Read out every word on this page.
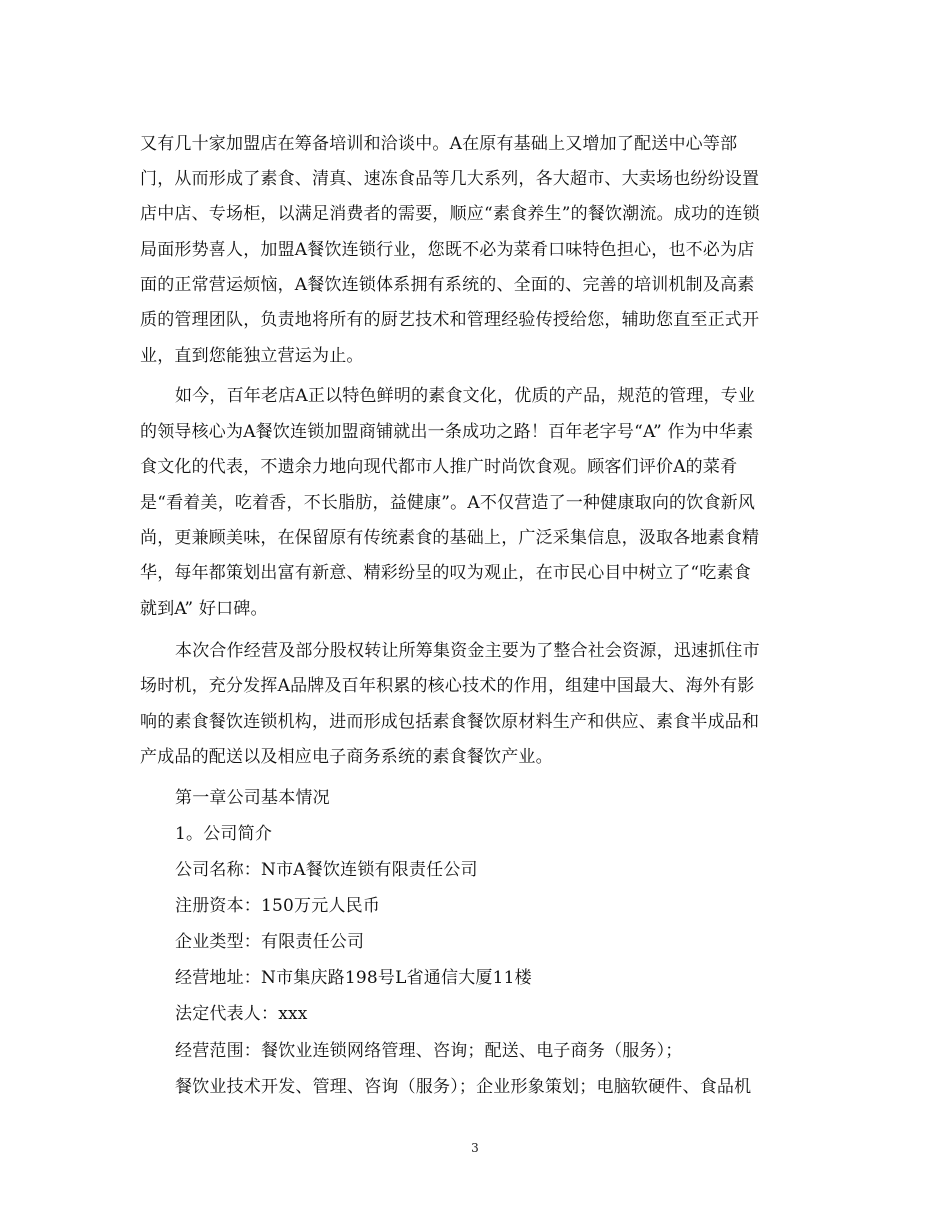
又有几十家加盟店在筹备培训和洽谈中。A在原有基础上又增加了配送中心等部
门，从而形成了素食、清真、速冻食品等几大系列，各大超市、大卖场也纷纷设置
店中店、专场柜，以满足消费者的需要，顺应“素食养生”的餐饮潮流。成功的连锁
局面形势喜人，加盟A餐饮连锁行业，您既不必为菜肴口味特色担心，也不必为店
面的正常营运烦恼，A餐饮连锁体系拥有系统的、全面的、完善的培训机制及高素
质的管理团队，负责地将所有的厨艺技术和管理经验传授给您，辅助您直至正式开
业，直到您能独立营运为止。
如今，百年老店A正以特色鲜明的素食文化，优质的产品，规范的管理，专业
的领导核心为A餐饮连锁加盟商铺就出一条成功之路！百年老字号“A” 作为中华素
食文化的代表，不遗余力地向现代都市人推广时尚饮食观。顾客们评价A的菜肴
是“看着美，吃着香，不长脂肪，益健康”。A不仅营造了一种健康取向的饮食新风
尚，更兼顾美味，在保留原有传统素食的基础上，广泛采集信息，汲取各地素食精
华，每年都策划出富有新意、精彩纷呈的叹为观止，在市民心目中树立了“吃素食
就到A” 好口碑。
本次合作经营及部分股权转让所筹集资金主要为了整合社会资源，迅速抓住市
场时机，充分发挥A品牌及百年积累的核心技术的作用，组建中国最大、海外有影
响的素食餐饮连锁机构，进而形成包括素食餐饮原材料生产和供应、素食半成品和
产成品的配送以及相应电子商务系统的素食餐饮产业。
第一章公司基本情况
1。公司简介
公司名称：N市A餐饮连锁有限责任公司
注册资本：150万元人民币
企业类型：有限责任公司
经营地址：N市集庆路198号L省通信大厦11楼
法定代表人：xxx
经营范围：餐饮业连锁网络管理、咨询；配送、电子商务（服务）；
餐饮业技术开发、管理、咨询（服务）；企业形象策划；电脑软硬件、食品机
3
